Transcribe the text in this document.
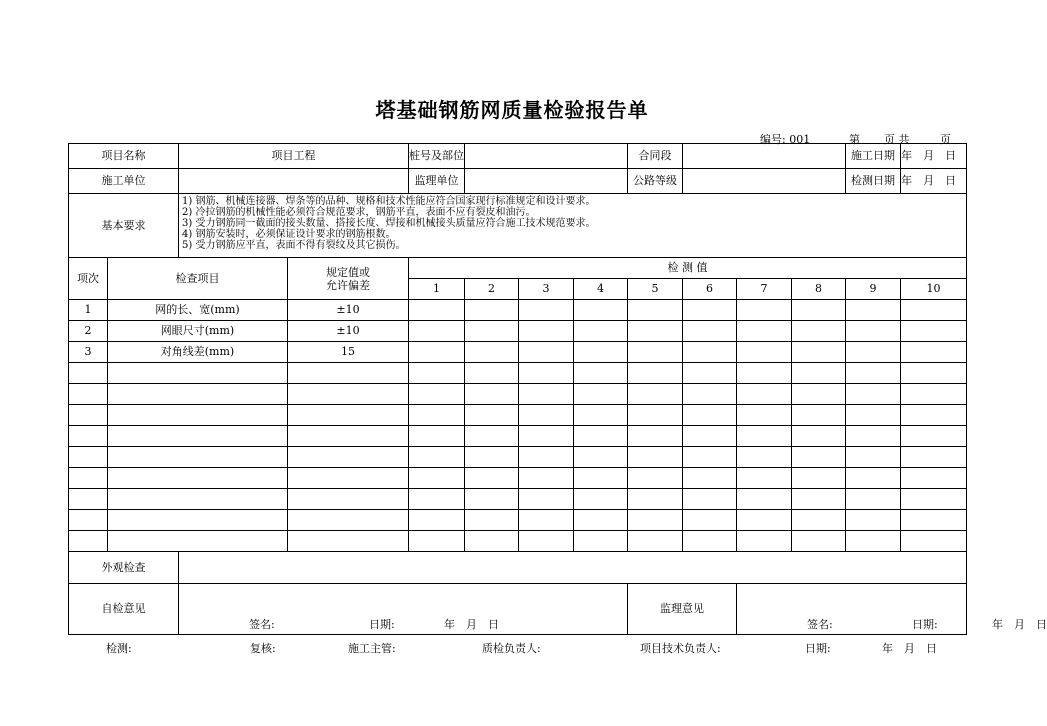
塔基础钢筋网质量检验报告单
编号: 001	第 页 共	页
项目名称		项目工程		桩号及部位				合同段				施工日期	年　月　日
施工单位				监理单位				公路等级				检测日期	年　月　日
基本要求		1) 钢筋、机械连接器、焊条等的品种、规格和技术性能应符合国家现行标准规定和设计要求。
2) 冷拉钢筋的机械性能必须符合规范要求，钢筋平直，表面不应有裂皮和油污。
3) 受力钢筋同一截面的接头数量、搭接长度、焊接和机械接头质量应符合施工技术规范要求。
4) 钢筋安装时，必须保证设计要求的钢筋根数。
5) 受力钢筋应平直，表面不得有裂纹及其它损伤。											

项次	检查项目		规定值或
允许偏差	检 测 值									
				1	2	3	4	5	6	7	8	9	10
1	网的长、宽(mm)		±10										
2	网眼尺寸(mm)		±10										
3	对角线差(mm)		15										

外观检查													
自检意见		签名: 日期: 年　月　日						监理意见		签名: 日期: 年　月　日			
检测:	复核:	施工主管:	质检负责人:	项目技术负责人:	日期:	年　月　日
